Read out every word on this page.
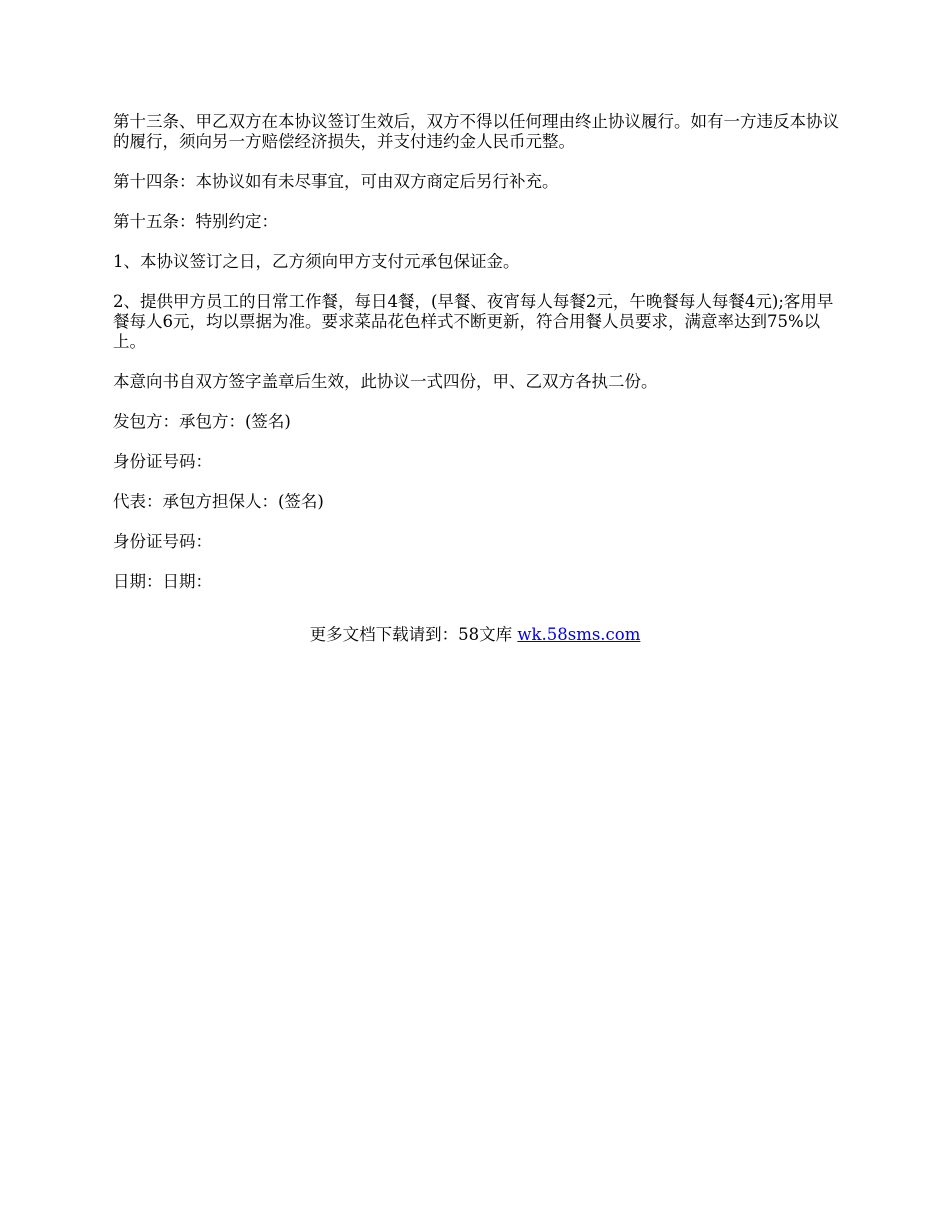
第十三条、甲乙双方在本协议签订生效后，双方不得以任何理由终止协议履行。如有一方违反本协议的履行，须向另一方赔偿经济损失，并支付违约金人民币元整。

第十四条：本协议如有未尽事宜，可由双方商定后另行补充。

第十五条：特别约定：

1、本协议签订之日，乙方须向甲方支付元承包保证金。

2、提供甲方员工的日常工作餐，每日4餐，(早餐、夜宵每人每餐2元，午晚餐每人每餐4元);客用早餐每人6元，均以票据为准。要求菜品花色样式不断更新，符合用餐人员要求，满意率达到75%以上。

本意向书自双方签字盖章后生效，此协议一式四份，甲、乙双方各执二份。

发包方：承包方：(签名)

身份证号码：

代表：承包方担保人：(签名)

身份证号码：

日期：日期：

更多文档下载请到：58文库 wk.58sms.com
